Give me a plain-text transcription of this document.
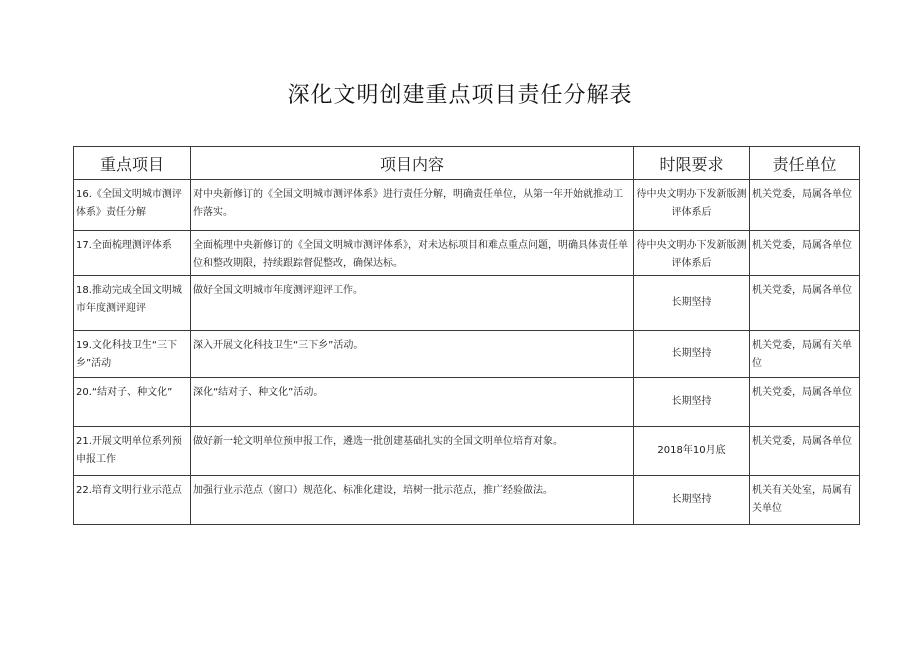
深化文明创建重点项目责任分解表
重点项目	项目内容	时限要求	责任单位
16.《全国文明城市测评体系》责任分解	对中央新修订的《全国文明城市测评体系》进行责任分解，明确责任单位，从第一年开始就推动工作落实。	待中央文明办下发新版测评体系后	机关党委，局属各单位
17.全面梳理测评体系	全面梳理中央新修订的《全国文明城市测评体系》，对未达标项目和难点重点问题，明确具体责任单位和整改期限，持续跟踪督促整改，确保达标。	待中央文明办下发新版测评体系后	机关党委，局属各单位
18.推动完成全国文明城市年度测评迎评	做好全国文明城市年度测评迎评工作。	长期坚持	机关党委，局属各单位
19.文化科技卫生“三下乡”活动	深入开展文化科技卫生“三下乡”活动。	长期坚持	机关党委，局属有关单位
20.“结对子、种文化”	深化“结对子、种文化”活动。	长期坚持	机关党委，局属各单位
21.开展文明单位系列预申报工作	做好新一轮文明单位预申报工作，遴选一批创建基础扎实的全国文明单位培育对象。	2018年10月底	机关党委，局属各单位
22.培育文明行业示范点	加强行业示范点（窗口）规范化、标准化建设，培树一批示范点，推广经验做法。	长期坚持	机关有关处室，局属有关单位
